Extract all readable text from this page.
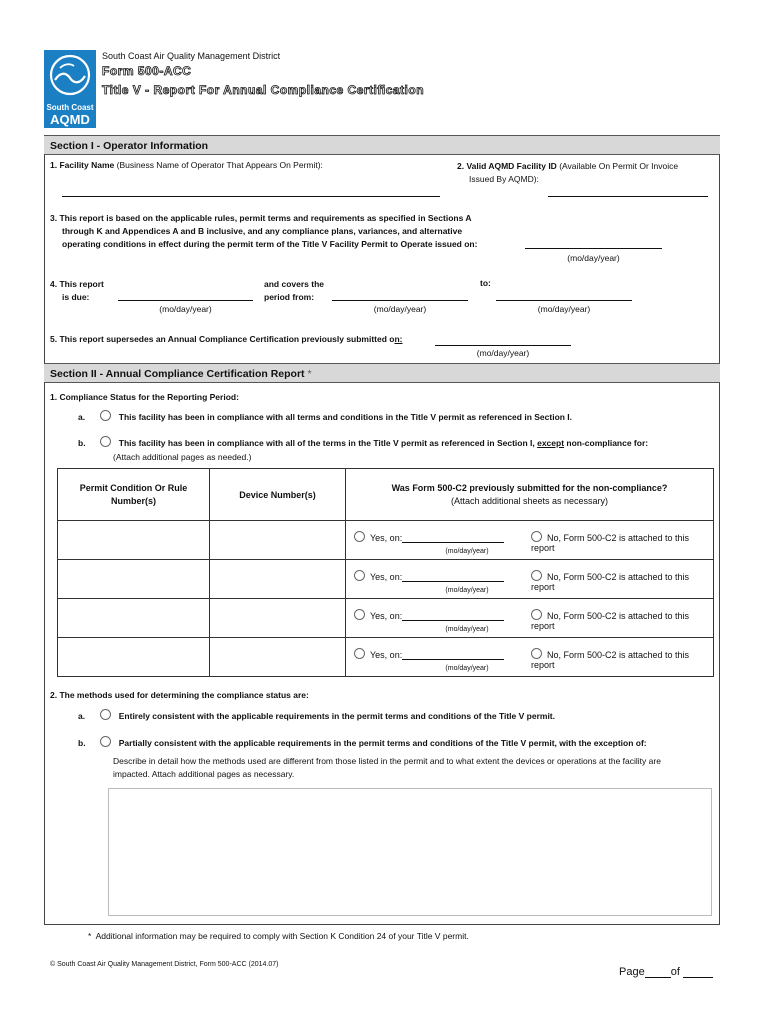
South Coast
AQMD
South Coast Air Quality Management District
Form 500-ACC
Title V - Report For Annual Compliance Certification
Section I - Operator Information
1. Facility Name (Business Name of Operator That Appears On Permit):	2. Valid AQMD Facility ID (Available On Permit Or Invoice
Issued By AQMD):
3. This report is based on the applicable rules, permit terms and requirements as specified in Sections A
through K and Appendices A and B inclusive, and any compliance plans, variances, and alternative
operating conditions in effect during the permit term of the Title V Facility Permit to Operate issued on:
(mo/day/year)
4. This report
is due:
(mo/day/year)
and covers the
period from:
(mo/day/year)
to:
(mo/day/year)
5. This report supersedes an Annual Compliance Certification previously submitted on:
(mo/day/year)
Section II - Annual Compliance Certification Report *
1. Compliance Status for the Reporting Period:
a.	This facility has been in compliance with all terms and conditions in the Title V permit as referenced in Section I.
b.	This facility has been in compliance with all of the terms in the Title V permit as referenced in Section I, except non-compliance for:
(Attach additional pages as needed.)
Permit Condition Or Rule Number(s)	Device Number(s)	Was Form 500-C2 previously submitted for the non-compliance?
(Attach additional sheets as necessary)

		Yes, on:
(mo/day/year)
No, Form 500-C2 is attached to this report

		Yes, on:
(mo/day/year)
No, Form 500-C2 is attached to this report

		Yes, on:
(mo/day/year)
No, Form 500-C2 is attached to this report

		Yes, on:
(mo/day/year)
No, Form 500-C2 is attached to this report
2. The methods used for determining the compliance status are:
a.	Entirely consistent with the applicable requirements in the permit terms and conditions of the Title V permit.
b.	Partially consistent with the applicable requirements in the permit terms and conditions of the Title V permit, with the exception of:
Describe in detail how the methods used are different from those listed in the permit and to what extent the devices or operations at the facility are
impacted. Attach additional pages as necessary.
* Additional information may be required to comply with Section K Condition 24 of your Title V permit.
© South Coast Air Quality Management District, Form 500-ACC (2014.07)
Page of
